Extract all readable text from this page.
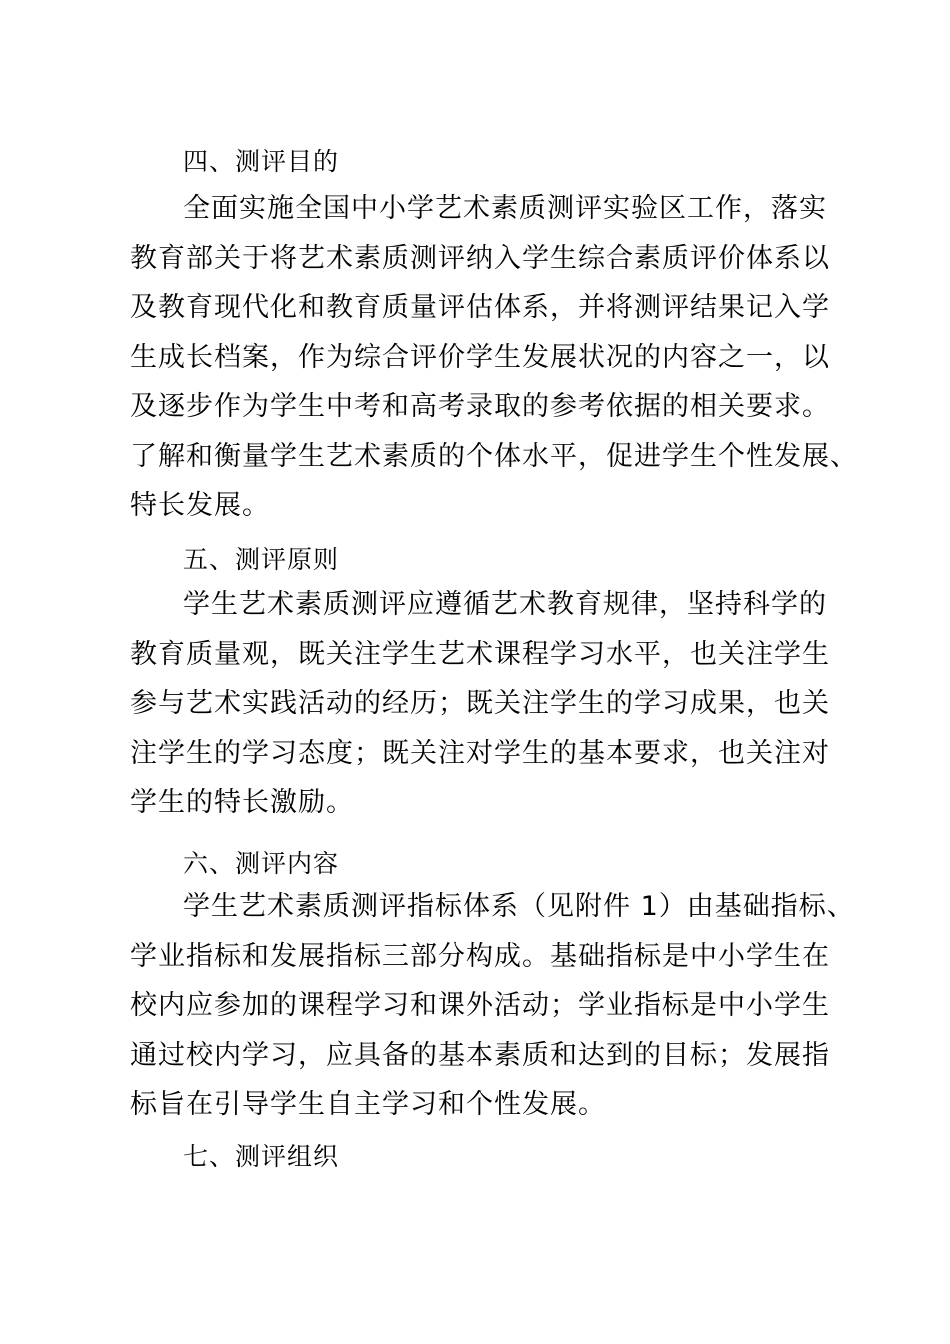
四、测评目的
全面实施全国中小学艺术素质测评实验区工作，落实
教育部关于将艺术素质测评纳入学生综合素质评价体系以
及教育现代化和教育质量评估体系，并将测评结果记入学
生成长档案，作为综合评价学生发展状况的内容之一，以
及逐步作为学生中考和高考录取的参考依据的相关要求。
了解和衡量学生艺术素质的个体水平，促进学生个性发展、
特长发展。
五、测评原则
学生艺术素质测评应遵循艺术教育规律，坚持科学的
教育质量观，既关注学生艺术课程学习水平，也关注学生
参与艺术实践活动的经历；既关注学生的学习成果，也关
注学生的学习态度；既关注对学生的基本要求，也关注对
学生的特长激励。
六、测评内容
学生艺术素质测评指标体系（见附件 1）由基础指标、
学业指标和发展指标三部分构成。基础指标是中小学生在
校内应参加的课程学习和课外活动；学业指标是中小学生
通过校内学习，应具备的基本素质和达到的目标；发展指
标旨在引导学生自主学习和个性发展。
七、测评组织
